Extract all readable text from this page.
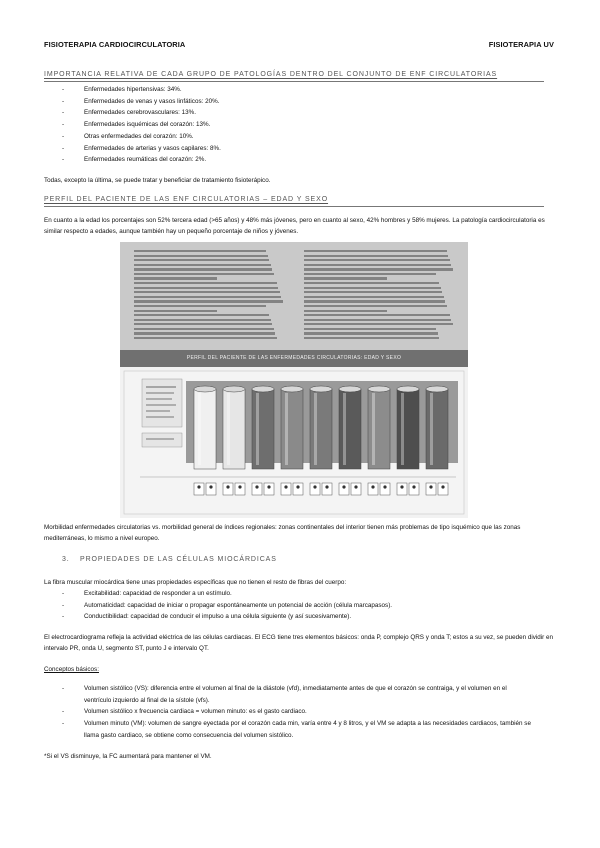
FISIOTERAPIA CARDIOCIRCULATORIA	FISIOTERAPIA UV
IMPORTANCIA RELATIVA DE CADA GRUPO DE PATOLOGÍAS DENTRO DEL CONJUNTO DE ENF CIRCULATORIAS
- Enfermedades hipertensivas: 34%.
- Enfermedades de venas y vasos linfáticos: 20%.
- Enfermedades cerebrovasculares: 13%.
- Enfermedades isquémicas del corazón: 13%.
- Otras enfermedades del corazón: 10%.
- Enfermedades de arterias y vasos capilares: 8%.
- Enfermedades reumáticas del corazón: 2%.
Todas, excepto la última, se puede tratar y beneficiar de tratamiento fisioterápico.
PERFIL DEL PACIENTE DE LAS ENF CIRCULATORIAS – EDAD Y SEXO
En cuanto a la edad los porcentajes son 52% tercera edad (>65 años) y 48% más jóvenes, pero en cuanto al sexo, 42% hombres y 58% mujeres. La patología cardiocirculatoria es similar respecto a edades, aunque también hay un pequeño porcentaje de niños y jóvenes.
PERFIL DEL PACIENTE DE LAS ENFERMEDADES CIRCULATORIAS: EDAD Y SEXO
Morbilidad enfermedades circulatorias vs. morbilidad general de índices regionales: zonas continentales del interior tienen más problemas de tipo isquémico que las zonas mediterráneas, lo mismo a nivel europeo.
3. PROPIEDADES DE LAS CÉLULAS MIOCÁRDICAS
La fibra muscular miocárdica tiene unas propiedades específicas que no tienen el resto de fibras del cuerpo:
- Excitabilidad: capacidad de responder a un estímulo.
- Automaticidad: capacidad de iniciar o propagar espontáneamente un potencial de acción (célula marcapasos).
- Conductibilidad: capacidad de conducir el impulso a una célula siguiente (y así sucesivamente).
El electrocardiograma refleja la actividad eléctrica de las células cardiacas. El ECG tiene tres elementos básicos: onda P, complejo QRS y onda T; estos a su vez, se pueden dividir en intervalo PR, onda U, segmento ST, punto J e intervalo QT.
Conceptos básicos:
- Volumen sistólico (VS): diferencia entre el volumen al final de la diástole (vfd), inmediatamente antes de que el corazón se contraiga, y el volumen en el ventrículo izquierdo al final de la sístole (vfs).
- Volumen sistólico x frecuencia cardiaca = volumen minuto: es el gasto cardiaco.
- Volumen minuto (VM): volumen de sangre eyectada por el corazón cada min, varía entre 4 y 8 litros, y el VM se adapta a las necesidades cardiacos, también se llama gasto cardiaco, se obtiene como consecuencia del volumen sistólico.
*Si el VS disminuye, la FC aumentará para mantener el VM.
